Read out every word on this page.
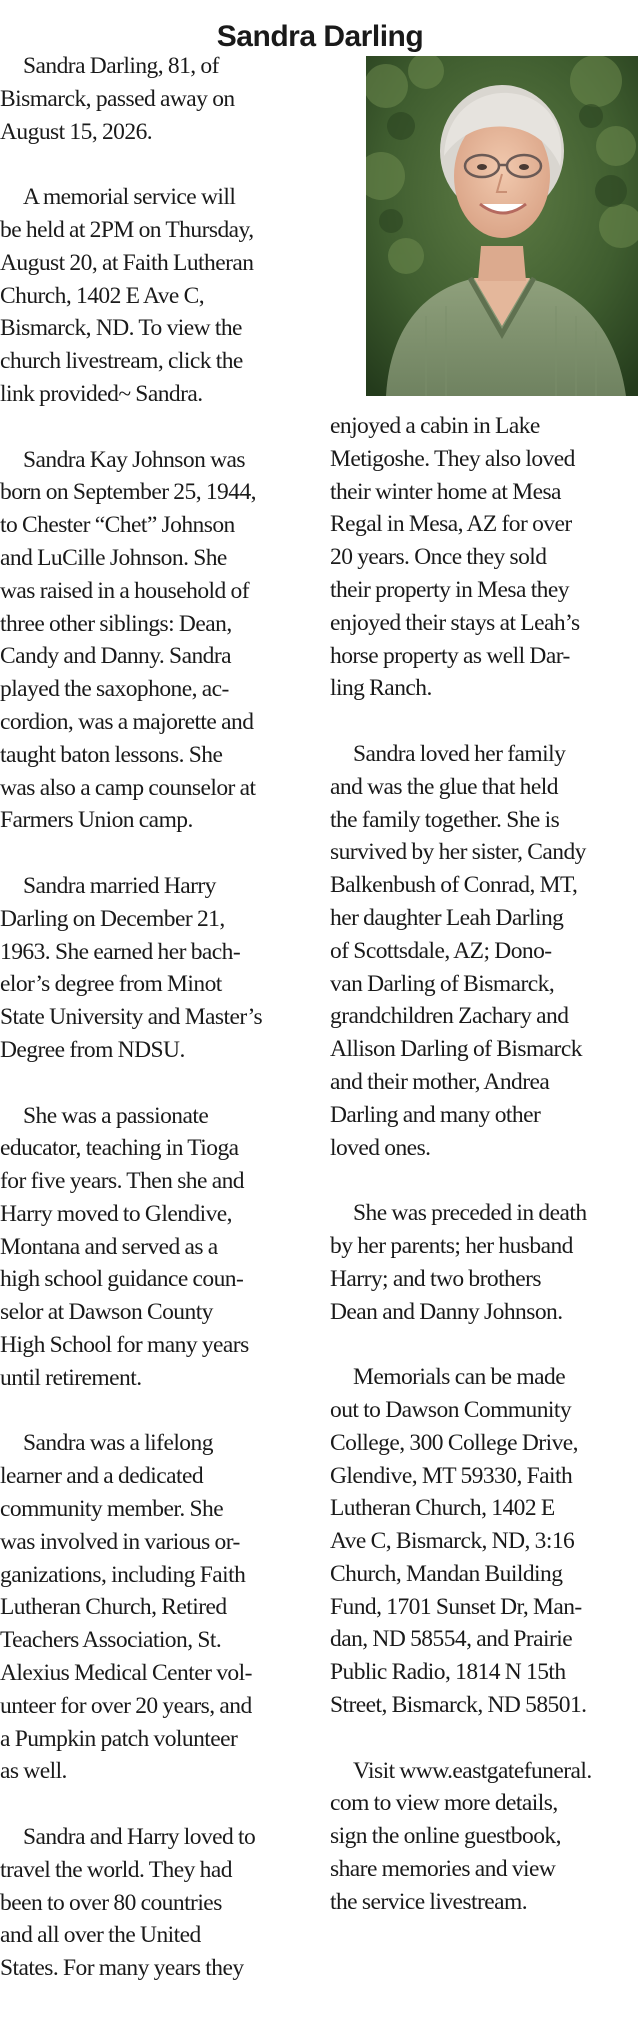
Sandra Darling

Sandra Darling, 81, of
Bismarck, passed away on
August 15, 2026.

A memorial service will
be held at 2PM on Thursday,
August 20, at Faith Lutheran
Church, 1402 E Ave C,
Bismarck, ND. To view the
church livestream, click the
link provided~ Sandra.

Sandra Kay Johnson was
born on September 25, 1944,
to Chester “Chet” Johnson
and LuCille Johnson. She
was raised in a household of
three other siblings: Dean,
Candy and Danny. Sandra
played the saxophone, ac-
cordion, was a majorette and
taught baton lessons. She
was also a camp counselor at
Farmers Union camp.

Sandra married Harry
Darling on December 21,
1963. She earned her bach-
elor’s degree from Minot
State University and Master’s
Degree from NDSU.

She was a passionate
educator, teaching in Tioga
for five years. Then she and
Harry moved to Glendive,
Montana and served as a
high school guidance coun-
selor at Dawson County
High School for many years
until retirement.

Sandra was a lifelong
learner and a dedicated
community member. She
was involved in various or-
ganizations, including Faith
Lutheran Church, Retired
Teachers Association, St.
Alexius Medical Center vol-
unteer for over 20 years, and
a Pumpkin patch volunteer
as well.

Sandra and Harry loved to
travel the world. They had
been to over 80 countries
and all over the United
States. For many years they

enjoyed a cabin in Lake
Metigoshe. They also loved
their winter home at Mesa
Regal in Mesa, AZ for over
20 years. Once they sold
their property in Mesa they
enjoyed their stays at Leah’s
horse property as well Dar-
ling Ranch.

Sandra loved her family
and was the glue that held
the family together. She is
survived by her sister, Candy
Balkenbush of Conrad, MT,
her daughter Leah Darling
of Scottsdale, AZ; Dono-
van Darling of Bismarck,
grandchildren Zachary and
Allison Darling of Bismarck
and their mother, Andrea
Darling and many other
loved ones.

She was preceded in death
by her parents; her husband
Harry; and two brothers
Dean and Danny Johnson.

Memorials can be made
out to Dawson Community
College, 300 College Drive,
Glendive, MT 59330, Faith
Lutheran Church, 1402 E
Ave C, Bismarck, ND, 3:16
Church, Mandan Building
Fund, 1701 Sunset Dr, Man-
dan, ND 58554, and Prairie
Public Radio, 1814 N 15th
Street, Bismarck, ND 58501.

Visit www.eastgatefuneral.
com to view more details,
sign the online guestbook,
share memories and view
the service livestream.
